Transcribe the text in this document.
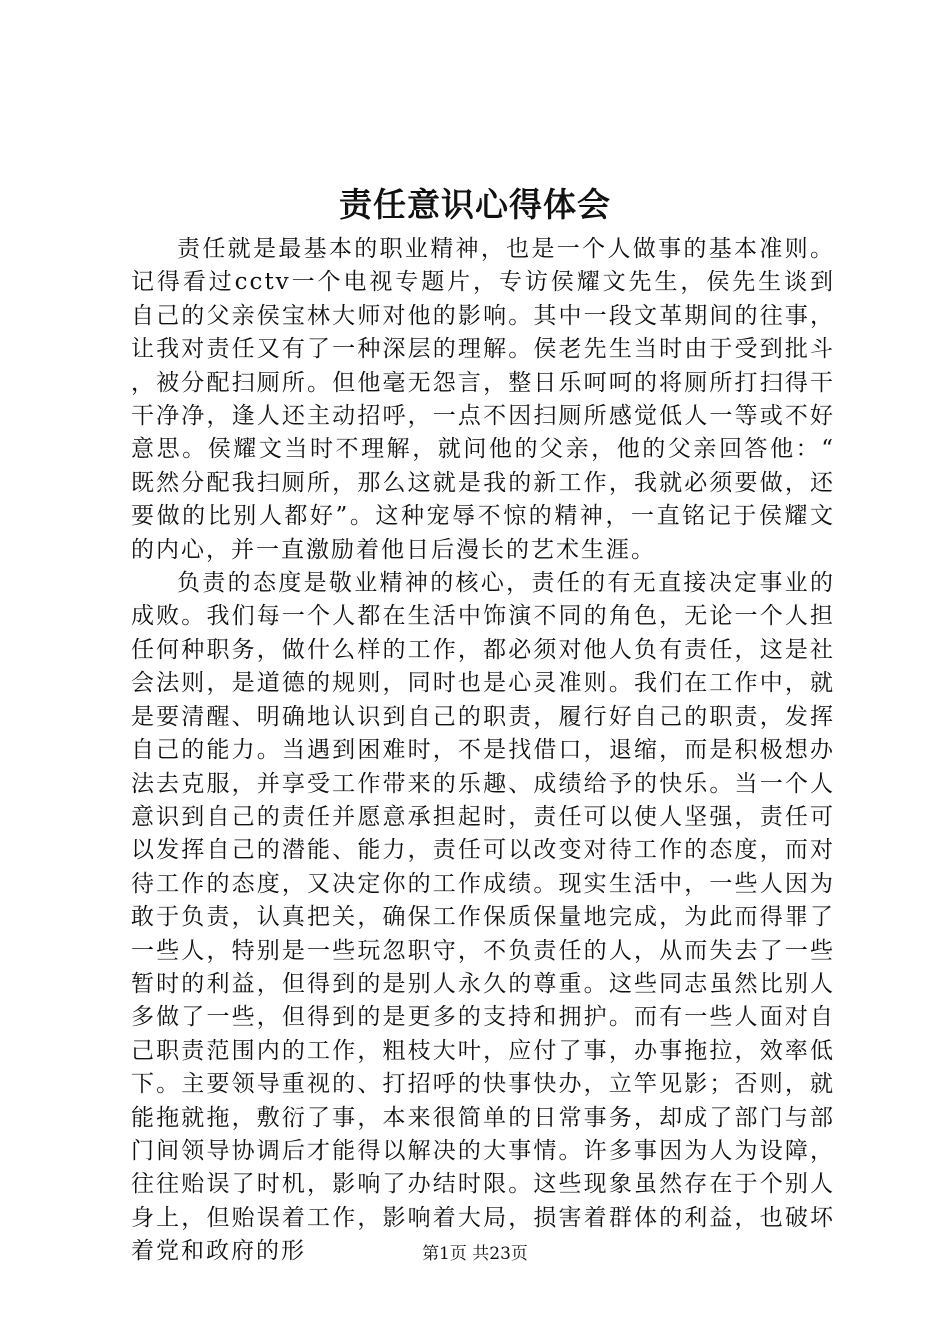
责任意识心得体会

责任就是最基本的职业精神，也是一个人做事的基本准则。记得看过cctv一个电视专题片，专访侯耀文先生，侯先生谈到自己的父亲侯宝林大师对他的影响。其中一段文革期间的往事，让我对责任又有了一种深层的理解。侯老先生当时由于受到批斗，被分配扫厕所。但他毫无怨言，整日乐呵呵的将厕所打扫得干干净净，逢人还主动招呼，一点不因扫厕所感觉低人一等或不好意思。侯耀文当时不理解，就问他的父亲，他的父亲回答他：“既然分配我扫厕所，那么这就是我的新工作，我就必须要做，还要做的比别人都好”。这种宠辱不惊的精神，一直铭记于侯耀文的内心，并一直激励着他日后漫长的艺术生涯。

负责的态度是敬业精神的核心，责任的有无直接决定事业的成败。我们每一个人都在生活中饰演不同的角色，无论一个人担任何种职务，做什么样的工作，都必须对他人负有责任，这是社会法则，是道德的规则，同时也是心灵准则。我们在工作中，就是要清醒、明确地认识到自己的职责，履行好自己的职责，发挥自己的能力。当遇到困难时，不是找借口，退缩，而是积极想办法去克服，并享受工作带来的乐趣、成绩给予的快乐。当一个人意识到自己的责任并愿意承担起时，责任可以使人坚强，责任可以发挥自己的潜能、能力，责任可以改变对待工作的态度，而对待工作的态度，又决定你的工作成绩。现实生活中，一些人因为敢于负责，认真把关，确保工作保质保量地完成，为此而得罪了一些人，特别是一些玩忽职守，不负责任的人，从而失去了一些暂时的利益，但得到的是别人永久的尊重。这些同志虽然比别人多做了一些，但得到的是更多的支持和拥护。而有一些人面对自己职责范围内的工作，粗枝大叶，应付了事，办事拖拉，效率低下。主要领导重视的、打招呼的快事快办，立竿见影；否则，就能拖就拖，敷衍了事，本来很简单的日常事务，却成了部门与部门间领导协调后才能得以解决的大事情。许多事因为人为设障，往往贻误了时机，影响了办结时限。这些现象虽然存在于个别人身上，但贻误着工作，影响着大局，损害着群体的利益，也破坏着党和政府的形	第1页 共23页
